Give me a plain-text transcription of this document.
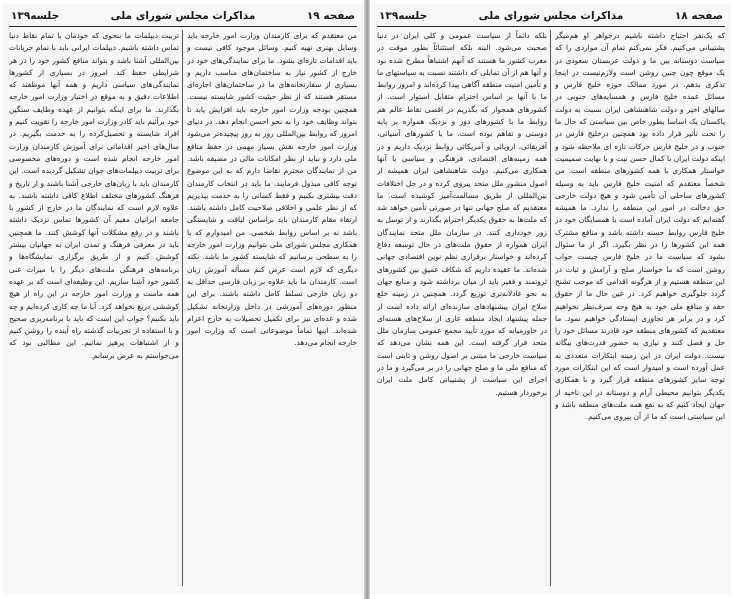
صفحه ۱۹
مذاکرات مجلس شورای ملی
جلسه۱۳۹

من معتقدم که برای کارمندان وزارت امور خارجه باید وسایل بهتری تهیه کنیم. وسائل موجود کافی نیست و باید اقدامات تازه‌ای بشود. ما برای نمایندگی‌های خود در خارج از کشور نیاز به ساختمان‌های مناسب داریم و بسیاری از سفارتخانه‌های ما در ساختمان‌های اجاره‌ای مستقر هستند که از نظر حیثیت کشور شایسته نیست. همچنین بودجه وزارت امور خارجه باید افزایش یابد تا بتواند وظایف خود را به نحو احسن انجام دهد. در دنیای امروز که روابط بین‌المللی روز به روز پیچیده‌تر می‌شود وزارت امور خارجه نقش بسیار مهمی در حفظ منافع ملی دارد و نباید از نظر امکانات مالی در مضیقه باشد. من از نمایندگان محترم تقاضا دارم که به این موضوع توجه کافی مبذول فرمایند. ما باید در انتخاب کارمندان دقت بیشتری بکنیم و فقط کسانی را به خدمت بپذیریم که از نظر علمی و اخلاقی صلاحیت کامل داشته باشند. ارتقاء مقام کارمندان باید براساس لیاقت و شایستگی باشد نه بر اساس روابط شخصی. من امیدوارم که با همکاری مجلس شورای ملی بتوانیم وزارت امور خارجه را به سطحی برسانیم که شایسته کشور ما باشد. نکته دیگری که لازم است عرض کنم مسأله آموزش زبان است. کارمندان ما باید علاوه بر زبان فارسی حداقل به دو زبان خارجی تسلط کامل داشته باشند. برای این منظور دوره‌های آموزشی در داخل وزارتخانه تشکیل شده و عده‌ای نیز برای تکمیل تحصیلات به خارج اعزام شده‌اند. اینها تماماً موضوعاتی است که وزارت امور خارجه انجام می‌دهد.

تربیت دیپلمات ما بنحوی که خودمان با تمام نقاط دنیا تماس داشته باشیم. دیپلمات ایرانی باید با تمام جریانات بین‌المللی آشنا باشد و بتواند منافع کشور خود را در هر شرایطی حفظ کند. امروز در بسیاری از کشورها نمایندگی‌های سیاسی داریم و همه آنها موظفند که اطلاعات دقیق و به موقع در اختیار وزارت امور خارجه بگذارند. ما برای اینکه بتوانیم از عهده وظایف سنگین خود برآئیم باید کادر وزارت امور خارجه را تقویت کنیم و افراد شایسته و تحصیل‌کرده را به خدمت بگیریم. در سال‌های اخیر اقداماتی برای آموزش کارمندان وزارت امور خارجه انجام شده است و دوره‌های مخصوصی برای تربیت دیپلمات‌های جوان تشکیل گردیده است. این کارمندان باید با زبان‌های خارجی آشنا باشند و از تاریخ و فرهنگ کشورهای مختلف اطلاع کافی داشته باشند. به علاوه لازم است که نمایندگان ما در خارج از کشور با جامعه ایرانیان مقیم آن کشورها تماس نزدیک داشته باشند و در رفع مشکلات آنها کوشش کنند. ما همچنین باید در معرفی فرهنگ و تمدن ایران به جهانیان بیشتر کوشش کنیم و از طریق برگزاری نمایشگاه‌ها و برنامه‌های فرهنگی ملت‌های دیگر را با میراث غنی کشور خود آشنا سازیم. این وظیفه‌ای است که بر عهده همه ماست و وزارت امور خارجه در این راه از هیچ کوششی دریغ نخواهد کرد. آیا ما چه کاری کرده‌ایم و چه باید بکنیم؟ جواب این است که باید با برنامه‌ریزی صحیح و با استفاده از تجربیات گذشته راه آینده را روشن کنیم و از اشتباهات پرهیز نمائیم. این مطالبی بود که می‌خواستم به عرض برسانم.

صفحه ۱۸
مذاکرات مجلس شورای ملی
جلسه۱۳۹

که یک‌نفر احتیاج داشته باشیم درجواهر او هم‌میگر پشتیبانی می‌کنیم. فکر نمی‌کنم تمام آن مواردی را که سیاست دوستانه بین ما و دولت عربستان سعودی در یک موقع چون چنین روشن است ولازم‌نیست در اینجا تذکری بدهم. در مورد ممالک حوزه خلیج فارس و مسائل عمده خلیج فارس و همسایه‌های جنوبی در سالهای اخیر و دولت شاهنشاهی ایران نسبت به دولت پاکستان یک اساسا بطور خاص بین سیاستی که حال ما را تحت تأثیر قرار داده بود همچنین درخلیج فارس در جنوب و در خلیج فارس حرکات تازه ای ملاحظه شود و اینکه دولت ایران با کمال حسن نیت و با نهایت صمیمیت خواستار همکاری با همه کشورهای منطقه است. من شخصاً معتقدم که امنیت خلیج فارس باید به وسیله کشورهای ساحلی آن تأمین شود و هیچ دولت خارجی حق دخالت در امور این منطقه را ندارد. ما همیشه گفته‌ایم که دولت ایران آماده است با همسایگان خود در خلیج فارس روابط حسنه داشته باشد و منافع مشترک همه این کشورها را در نظر بگیرد. اگر از ما سئوال بشود که سیاست ما در خلیج فارس چیست جواب روشن است که ما خواستار صلح و آرامش و ثبات در این منطقه هستیم و از هرگونه اقدامی که موجب تشنج گردد جلوگیری خواهیم کرد. در عین حال ما از حقوق حقه و منافع ملی خود به هیچ وجه صرف‌نظر نخواهیم کرد و در برابر هر تجاوزی ایستادگی خواهیم نمود. ما معتقدیم که کشورهای منطقه خود قادرند مسائل خود را حل و فصل کنند و نیازی به حضور قدرت‌های بیگانه نیست. دولت ایران در این زمینه ابتکارات متعددی به عمل آورده است و امیدوار است که این ابتکارات مورد توجه سایر کشورهای منطقه قرار گیرد و با همکاری یکدیگر بتوانیم محیطی آرام و دوستانه در این ناحیه از جهان ایجاد کنیم که به نفع همه ملت‌های منطقه باشد و این سیاستی است که ما از آن پیروی می‌کنیم.

بلکه دائماً از سیاست عمومی و کلی ایران در دنیا صحبت می‌شود. البته بلکه استثنائاً بطور موقت در مغرب کشور ما هستند که آنهم اشتباهاً مطرح شده بود و آنها هم از آن تمایلی که داشتند نسبت به سیاستهای ما و تأمین امنیت منطقه آگاهی پیدا کرده‌اند و امروز روابط ما با آنها بر اساس احترام متقابل استوار است. از کشورهای همجوار که بگذریم در اقصی نقاط عالم هم روابط ما با کشورهای دور و نزدیک همواره بر پایه دوستی و تفاهم بوده است. ما با کشورهای آسیائی، آفریقائی، اروپائی و آمریکائی روابط نزدیک داریم و در همه زمینه‌های اقتصادی، فرهنگی و سیاسی با آنها همکاری می‌کنیم. دولت شاهنشاهی ایران همیشه از اصول منشور ملل متحد پیروی کرده و در حل اختلافات بین‌المللی از طریق مسالمت‌آمیز کوشیده است. ما معتقدیم که صلح جهانی تنها در صورتی تأمین خواهد شد که ملت‌ها به حقوق یکدیگر احترام بگذارند و از توسل به زور خودداری کنند. در سازمان ملل متحد نمایندگان ایران همواره از حقوق ملت‌های در حال توسعه دفاع کرده‌اند و خواستار برقراری نظم نوین اقتصادی جهانی شده‌اند. ما عقیده داریم که شکاف عمیق بین کشورهای ثروتمند و فقیر باید از میان برداشته شود و منابع جهان به نحو عادلانه‌تری توزیع گردد. همچنین در زمینه خلع سلاح ایران پیشنهادهای سازنده‌ای ارائه داده است از جمله پیشنهاد ایجاد منطقه عاری از سلاح‌های هسته‌ای در خاورمیانه که مورد تأیید مجمع عمومی سازمان ملل متحد قرار گرفته است. این همه نشان می‌دهد که سیاست خارجی ما مبتنی بر اصول روشن و ثابتی است که منافع ملی ما و صلح جهانی را در بر می‌گیرد و ما در اجرای این سیاست از پشتیبانی کامل ملت ایران برخوردار هستیم.
